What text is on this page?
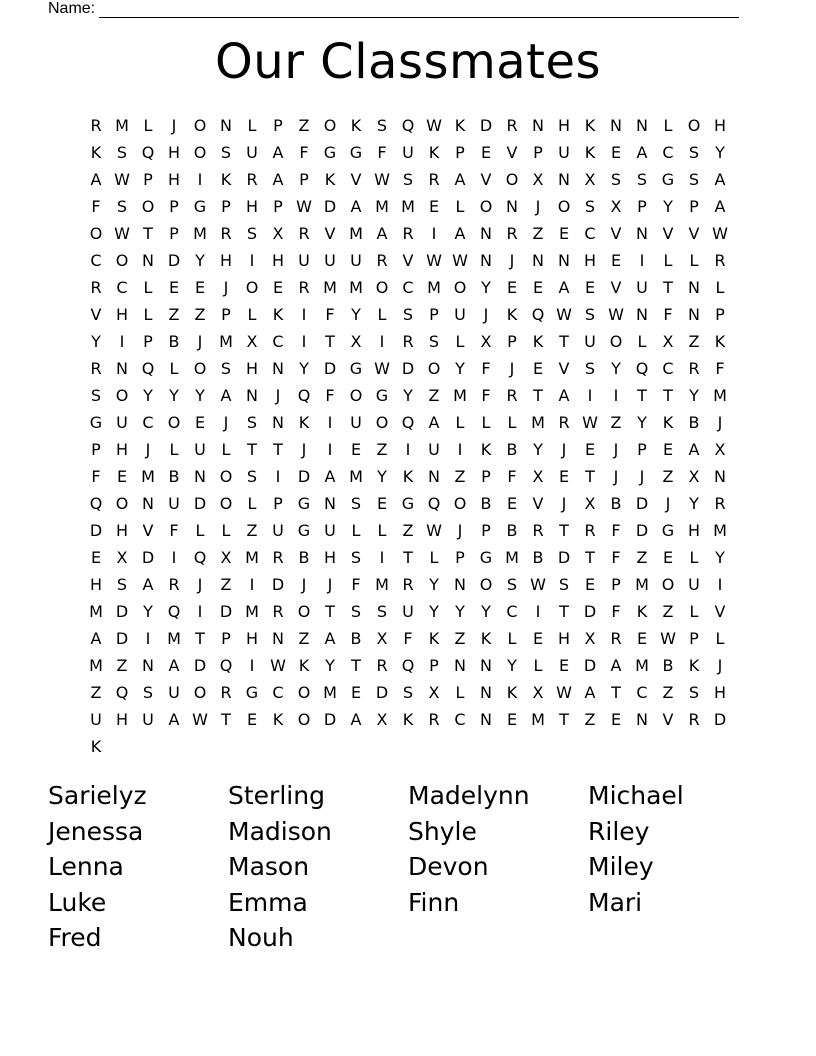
Name:
Our Classmates
R M L	J	O N L	P Z O K S Q W K D R N H K N N L O H
K S Q H O S U A F G G F U K P	E V P U K E A C S	Y
A W P H	I	K R A P K V W S R A V O X N X S S G S A
F	S O P G P H P W D A M M E	L O N	J	O S X P	Y	P A
O W T	P M R S X R V M A R	I	A N R Z E C V N V V W
C O N D Y H	I	H U U U R V W W N	J	N N H E	I	L	L R
R C L	E E	J	O E R M M O C M O Y	E E A E V U T N L
V H L	Z Z P	L	K	I	F	Y	L	S	P U	J	K Q W S W N F N P
Y	I	P B	J	M X C	I	T X	I	R S	L	X P K T U O L	X Z K
R N Q L O S H N Y D G W D O Y	F	J	E V S	Y Q C R F
S O Y	Y	Y A N	J	Q F O G Y Z M F R T A	I	I	T	T	Y M
G U C O E	J	S N K	I	U O Q A	L	L	L M R W Z Y K B	J
P H	J	L U L	T	T	J	I	E Z	I	U	I	K B Y	J	E	J	P	E A X
F	E M B N O S	I	D A M Y K N Z P	F X E	T	J	J	Z X N
Q O N U D O L	P G N S E G Q O B E V	J	X B D	J	Y R
D H V F	L	L	Z U G U L	L	Z W J	P B R T R F D G H M
E X D	I	Q X M R B H S	I	T	L	P G M B D T	F Z E	L	Y
H S A R	J	Z	I	D	J	J	F M R Y N O S W S E	P M O U	I
M D Y Q	I	D M R O T	S S U Y	Y	Y C	I	T D F	K Z	L	V
A D	I	M T	P H N Z A B X F	K Z K	L	E H X R E W P	L
M Z N A D Q	I W K Y	T R Q P N N Y	L	E D A M B K	J
Z Q S U O R G C O M E D S X	L N K X W A T C Z S H
U H U A W T	E K O D A X K R C N E M T Z E N V R D
K
Sarielyz	Sterling	Madelynn	Michael
Jenessa	Madison	Shyle	Riley
Lenna	Mason	Devon	Miley
Luke	Emma	Finn	Mari
Fred	Nouh
